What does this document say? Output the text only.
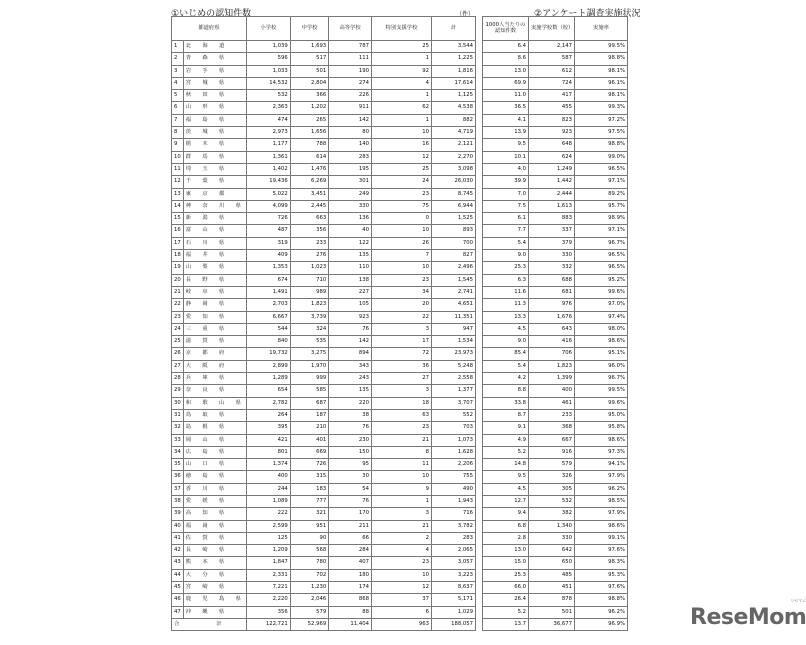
①いじめの認知件数	（件）	②アンケート調査実施状況
都道府県		小学校	中学校	高等学校	特別支援学校	計
1	北　海　道	1,039	1,693	787	25	3,544
2	青　森　県	596	517	111	1	1,225
3	岩　手　県	1,033	501	190	92	1,816
4	宮　城　県	14,532	2,804	274	4	17,614
5	秋　田　県	532	366	226	1	1,125
6	山　形　県	2,363	1,202	911	62	4,538
7	福　島　県	474	265	142	1	882
8	茨　城　県	2,973	1,656	80	10	4,719
9	栃　木　県	1,177	788	140	16	2,121
10	群　馬　県	1,361	614	283	12	2,270
11	埼　玉　県	1,402	1,476	195	25	3,098
12	千　葉　県	19,436	6,269	301	24	26,030
13	東　京　都	5,022	3,451	249	23	8,745
14	神　奈　川　県	4,099	2,445	330	75	6,944
15	新　潟　県	726	663	136	0	1,525
16	富　山　県	487	356	40	10	893
17	石　川　県	319	233	122	26	700
18	福　井　県	409	276	135	7	827
19	山　梨　県	1,353	1,023	110	10	2,496
20	長　野　県	674	710	138	23	1,545
21	岐　阜　県	1,491	989	227	34	2,741
22	静　岡　県	2,703	1,823	105	20	4,651
23	愛　知　県	6,667	3,739	923	22	11,351
24	三　重　県	544	324	76	3	947
25	滋　賀　県	840	535	142	17	1,534
26	京　都　府	19,732	3,275	894	72	23,973
27	大　阪　府	2,899	1,970	343	36	5,248
28	兵　庫　県	1,289	999	243	27	2,558
29	奈　良　県	654	585	135	3	1,377
30	和　歌　山　県	2,782	687	220	18	3,707
31	鳥　取　県	264	187	38	63	552
32	島　根　県	395	210	76	23	703
33	岡　山　県	421	401	230	21	1,073
34	広　島　県	801	669	150	8	1,628
35	山　口　県	1,374	726	95	11	2,206
36	徳　島　県	400	315	30	10	755
37	香　川　県	244	183	54	9	490
38	愛　媛　県	1,089	777	76	1	1,943
39	高　知　県	222	321	170	3	716
40	福　岡　県	2,599	951	211	21	3,782
41	佐　賀　県	125	90	66	2	283
42	長　崎　県	1,209	568	284	4	2,065
43	熊　本　県	1,847	780	407	23	3,057
44	大　分　県	2,331	702	180	10	3,223
45	宮　崎　県	7,221	1,230	174	12	8,637
46	鹿　児　島　県	2,220	2,046	868	37	5,171
47	沖　縄　県	356	579	88	6	1,029
合　　　　　　　計		122,721	52,969	11,404	963	188,057
1000人当たりの認知件数	実施学校数（校）	実施率
6.4	2,147	99.5%
8.6	587	98.8%
13.0	612	98.1%
69.9	724	96.1%
11.0	417	98.1%
36.5	455	99.3%
4.1	823	97.2%
13.9	923	97.5%
9.5	648	98.8%
10.1	624	99.0%
4.0	1,249	96.5%
39.9	1,442	97.1%
7.0	2,444	89.2%
7.5	1,613	95.7%
6.1	883	98.9%
7.7	337	97.1%
5.4	379	96.7%
9.0	330	96.5%
25.3	332	96.5%
6.3	688	95.2%
11.6	681	99.6%
11.3	976	97.0%
13.3	1,676	97.4%
4.5	643	98.0%
9.0	416	98.6%
85.4	706	95.1%
5.4	1,823	96.0%
4.2	1,399	96.7%
8.8	400	99.5%
33.8	461	99.6%
8.7	233	95.0%
9.1	368	95.8%
4.9	667	98.6%
5.2	916	97.3%
14.8	579	94.1%
9.5	326	97.9%
4.5	305	96.2%
12.7	532	98.5%
9.4	382	97.9%
6.8	1,340	98.6%
2.8	330	99.1%
13.0	642	97.6%
15.0	650	98.3%
25.3	485	95.3%
66.0	451	97.6%
26.4	878	98.8%
5.2	501	96.2%
13.7	36,677	96.9%	ReseMom
リセマム
